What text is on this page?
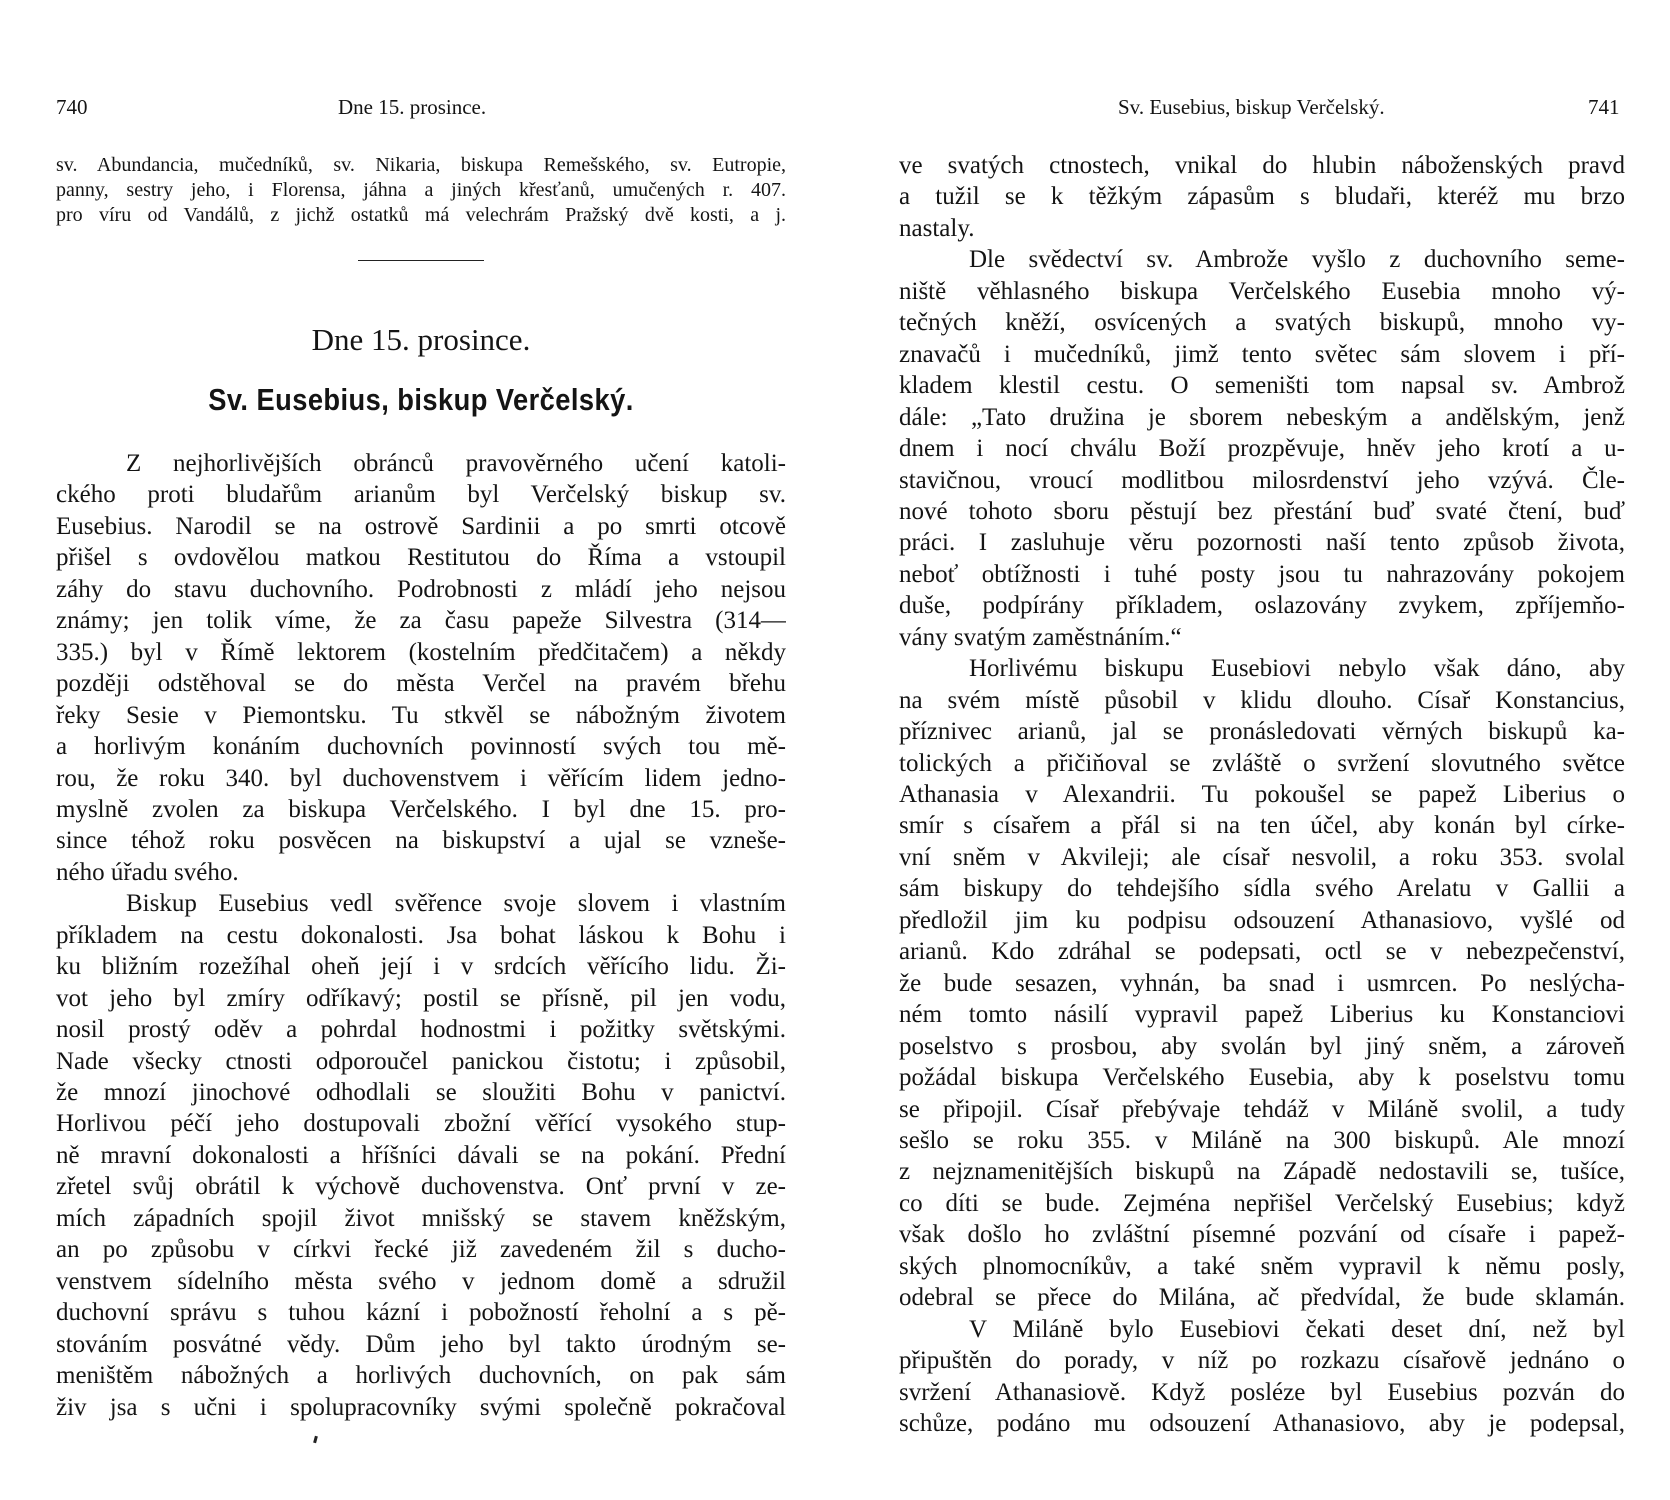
740	Dne 15. prosince.
sv. Abundancia, mučedníků, sv. Nikaria, biskupa Remešského, sv. Eutropie,
panny, sestry jeho, i Florensa, jáhna a jiných křesťanů, umučených r. 407.
pro víru od Vandálů, z jichž ostatků má velechrám Pražský dvě kosti, a j.
Dne 15. prosince.
Sv. Eusebius, biskup Verčelský.
Z nejhorlivějších obránců pravověrného učení katoli-
ckého proti bludařům arianům byl Verčelský biskup sv.
Eusebius. Narodil se na ostrově Sardinii a po smrti otcově
přišel s ovdovělou matkou Restitutou do Říma a vstoupil
záhy do stavu duchovního. Podrobnosti z mládí jeho nejsou
známy; jen tolik víme, že za času papeže Silvestra (314—
335.) byl v Římě lektorem (kostelním předčitačem) a někdy
později odstěhoval se do města Verčel na pravém břehu
řeky Sesie v Piemontsku. Tu stkvěl se nábožným životem
a horlivým konáním duchovních povinností svých tou mě-
rou, že roku 340. byl duchovenstvem i věřícím lidem jedno-
myslně zvolen za biskupa Verčelského. I byl dne 15. pro-
since téhož roku posvěcen na biskupství a ujal se vzneše-
ného úřadu svého.
Biskup Eusebius vedl svěřence svoje slovem i vlastním
příkladem na cestu dokonalosti. Jsa bohat láskou k Bohu i
ku bližním rozežíhal oheň její i v srdcích věřícího lidu. Ži-
vot jeho byl zmíry odříkavý; postil se přísně, pil jen vodu,
nosil prostý oděv a pohrdal hodnostmi i požitky světskými.
Nade všecky ctnosti odporoučel panickou čistotu; i způsobil,
že mnozí jinochové odhodlali se sloužiti Bohu v panictví.
Horlivou péčí jeho dostupovali zbožní věřící vysokého stup-
ně mravní dokonalosti a hříšníci dávali se na pokání. Přední
zřetel svůj obrátil k výchově duchovenstva. Onť první v ze-
mích západních spojil život mnišský se stavem kněžským,
an po způsobu v církvi řecké již zavedeném žil s ducho-
venstvem sídelního města svého v jednom domě a sdružil
duchovní správu s tuhou kázní i pobožností řeholní a s pě-
stováním posvátné vědy. Dům jeho byl takto úrodným se-
meništěm nábožných a horlivých duchovních, on pak sám
živ jsa s učni i spolupracovníky svými společně pokračoval
Sv. Eusebius, biskup Verčelský.	741
ve svatých ctnostech, vnikal do hlubin náboženských pravd
a tužil se k těžkým zápasům s bludaři, kteréž mu brzo
nastaly.
Dle svědectví sv. Ambrože vyšlo z duchovního seme-
niště věhlasného biskupa Verčelského Eusebia mnoho vý-
tečných kněží, osvícených a svatých biskupů, mnoho vy-
znavačů i mučedníků, jimž tento světec sám slovem i pří-
kladem klestil cestu. O semeništi tom napsal sv. Ambrož
dále: „Tato družina je sborem nebeským a andělským, jenž
dnem i nocí chválu Boží prozpěvuje, hněv jeho krotí a u-
stavičnou, vroucí modlitbou milosrdenství jeho vzývá. Čle-
nové tohoto sboru pěstují bez přestání buď svaté čtení, buď
práci. I zasluhuje věru pozornosti naší tento způsob života,
neboť obtížnosti i tuhé posty jsou tu nahrazovány pokojem
duše, podpírány příkladem, oslazovány zvykem, zpříjemňo-
vány svatým zaměstnáním.“
Horlivému biskupu Eusebiovi nebylo však dáno, aby
na svém místě působil v klidu dlouho. Císař Konstancius,
příznivec arianů, jal se pronásledovati věrných biskupů ka-
tolických a přičiňoval se zvláště o svržení slovutného světce
Athanasia v Alexandrii. Tu pokoušel se papež Liberius o
smír s císařem a přál si na ten účel, aby konán byl círke-
vní sněm v Akvileji; ale císař nesvolil, a roku 353. svolal
sám biskupy do tehdejšího sídla svého Arelatu v Gallii a
předložil jim ku podpisu odsouzení Athanasiovo, vyšlé od
arianů. Kdo zdráhal se podepsati, octl se v nebezpečenství,
že bude sesazen, vyhnán, ba snad i usmrcen. Po neslýcha-
ném tomto násilí vypravil papež Liberius ku Konstanciovi
poselstvo s prosbou, aby svolán byl jiný sněm, a zároveň
požádal biskupa Verčelského Eusebia, aby k poselstvu tomu
se připojil. Císař přebývaje tehdáž v Miláně svolil, a tudy
sešlo se roku 355. v Miláně na 300 biskupů. Ale mnozí
z nejznamenitějších biskupů na Západě nedostavili se, tušíce,
co díti se bude. Zejména nepřišel Verčelský Eusebius; když
však došlo ho zvláštní písemné pozvání od císaře i papež-
ských plnomocníkův, a také sněm vypravil k němu posly,
odebral se přece do Milána, ač předvídal, že bude sklamán.
V Miláně bylo Eusebiovi čekati deset dní, než byl
připuštěn do porady, v níž po rozkazu císařově jednáno o
svržení Athanasiově. Když posléze byl Eusebius pozván do
schůze, podáno mu odsouzení Athanasiovo, aby je podepsal,
